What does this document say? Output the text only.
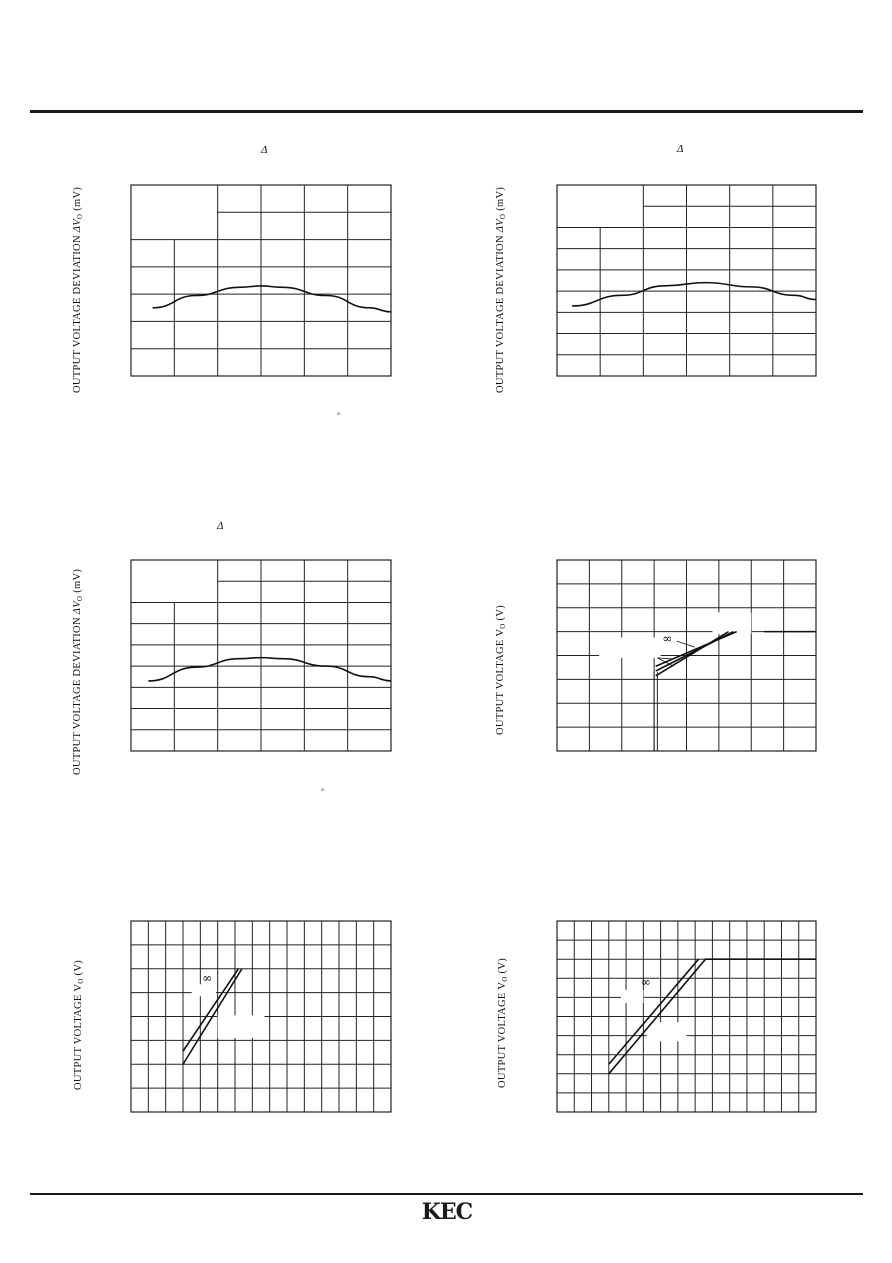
OUTPUT VOLTAGE DEVIATION $\Delta V_O$ (mV)
Δ
°
OUTPUT VOLTAGE DEVIATION $\Delta V_O$ (mV)
Δ
OUTPUT VOLTAGE DEVIATION $\Delta V_O$ (mV)
Δ
°
OUTPUT VOLTAGE $V_O$ (V)
∞
OUTPUT VOLTAGE $V_O$ (V)
∞
OUTPUT VOLTAGE $V_O$ (V)
∞
KEC
